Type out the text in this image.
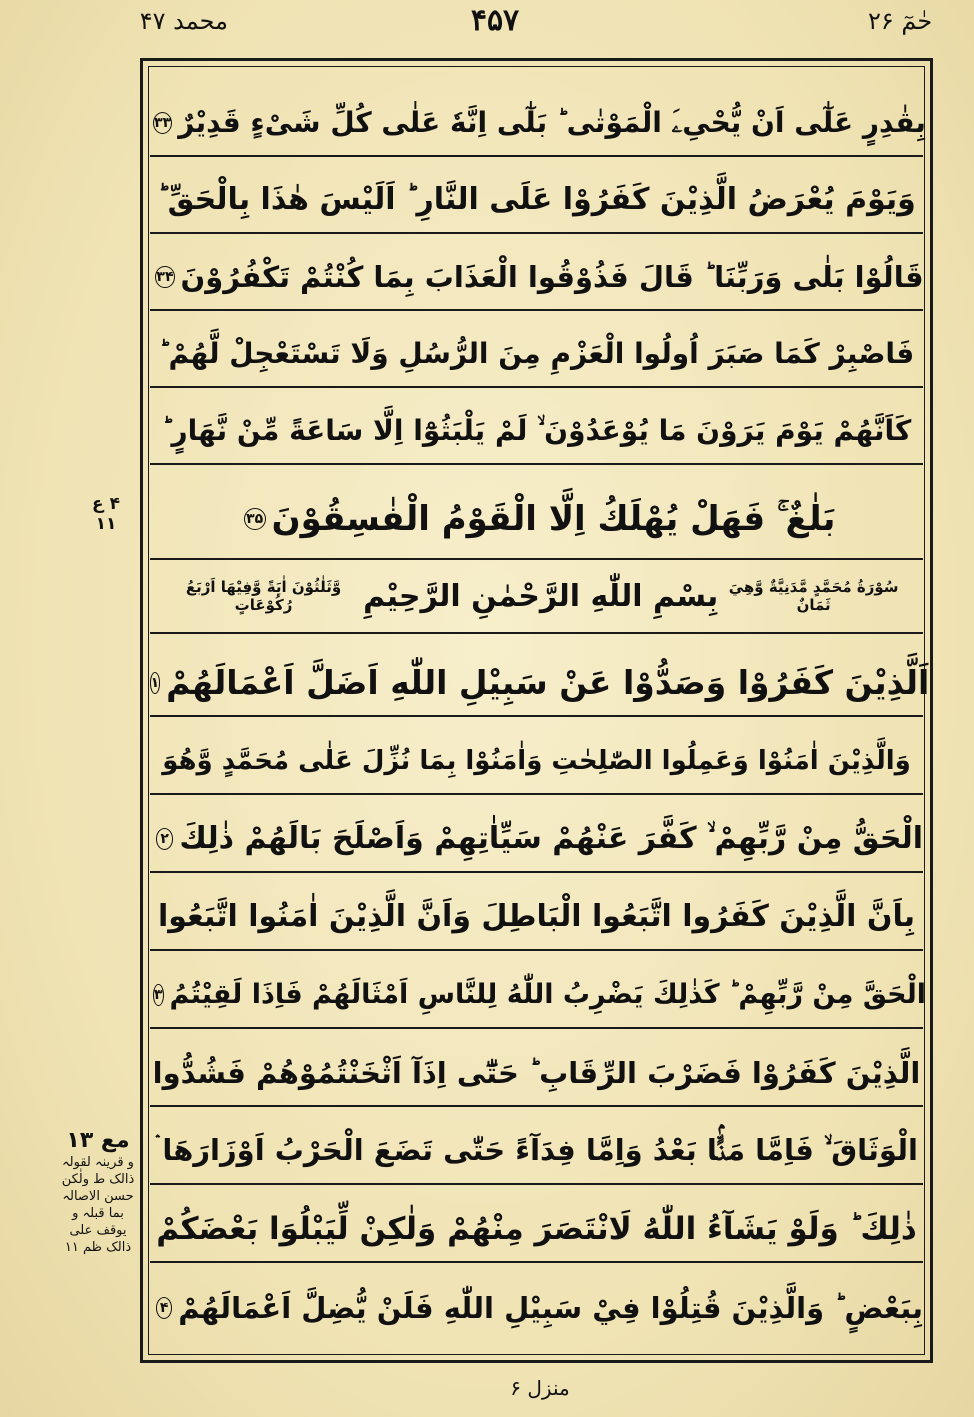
حٰمٓ ۲۶
۴۵۷
محمد ۴۷
بِقٰدِرٍ عَلٰٓى اَنْ يُّحْیِۦَ الْمَوْتٰى ؕ بَلٰٓى اِنَّهٗ عَلٰى كُلِّ شَیْءٍ قَدِيْرٌ
۳۳
وَيَوْمَ يُعْرَضُ الَّذِيْنَ كَفَرُوْا عَلَى النَّارِ ؕ اَلَيْسَ هٰذَا بِالْحَقِّ ؕ
قَالُوْا بَلٰى وَرَبِّنَا ؕ قَالَ فَذُوْقُوا الْعَذَابَ بِمَا كُنْتُمْ تَكْفُرُوْنَ
۳۴
فَاصْبِرْ كَمَا صَبَرَ اُولُوا الْعَزْمِ مِنَ الرُّسُلِ وَلَا تَسْتَعْجِلْ لَّهُمْ ؕ
كَاَنَّهُمْ يَوْمَ يَرَوْنَ مَا يُوْعَدُوْنَ ۙ لَمْ يَلْبَثُوْٓا اِلَّا سَاعَةً مِّنْ نَّهَارٍ ؕ
بَلٰغٌ ۚ فَهَلْ يُهْلَكُ اِلَّا الْقَوْمُ الْفٰسِقُوْنَ
۳۵
سُوْرَةُ مُحَمَّدٍ مَّدَنِيَّةٌ وَّهِيَ ثَمَانٌ
بِسْمِ اللّٰهِ الرَّحْمٰنِ الرَّحِيْمِ
وَّثَلٰثُوْنَ اٰيَةً وَّفِيْهَا اَرْبَعُ رُكُوْعَاتٍ
اَلَّذِيْنَ كَفَرُوْا وَصَدُّوْا عَنْ سَبِيْلِ اللّٰهِ اَضَلَّ اَعْمَالَهُمْ
۱
وَالَّذِيْنَ اٰمَنُوْا وَعَمِلُوا الصّٰلِحٰتِ وَاٰمَنُوْا بِمَا نُزِّلَ عَلٰى مُحَمَّدٍ وَّهُوَ
الْحَقُّ مِنْ رَّبِّهِمْ ۙ كَفَّرَ عَنْهُمْ سَيِّاٰتِهِمْ وَاَصْلَحَ بَالَهُمْ ذٰلِكَ
۲
بِاَنَّ الَّذِيْنَ كَفَرُوا اتَّبَعُوا الْبَاطِلَ وَاَنَّ الَّذِيْنَ اٰمَنُوا اتَّبَعُوا
الْحَقَّ مِنْ رَّبِّهِمْ ؕ كَذٰلِكَ يَضْرِبُ اللّٰهُ لِلنَّاسِ اَمْثَالَهُمْ فَاِذَا لَقِيْتُمُ
۳
الَّذِيْنَ كَفَرُوْا فَضَرْبَ الرِّقَابِ ؕ حَتّٰٓى اِذَآ اَثْخَنْتُمُوْهُمْ فَشُدُّوا
الْوَثَاقَ ۙ فَاِمَّا مَنًّۢا بَعْدُ وَاِمَّا فِدَآءً حَتّٰى تَضَعَ الْحَرْبُ اَوْزَارَهَا ۛ
ذٰلِكَ ؕ وَلَوْ يَشَآءُ اللّٰهُ لَانْتَصَرَ مِنْهُمْ وَلٰكِنْ لِّيَبْلُوَا بَعْضَكُمْ
بِبَعْضٍ ؕ وَالَّذِيْنَ قُتِلُوْا فِيْ سَبِيْلِ اللّٰهِ فَلَنْ يُّضِلَّ اَعْمَالَهُمْ
۴
۴ ع ۱۱
مع ۱۳
و قرینہ لقولہ ذالک ط ولٰکن حسن الاصالہ بما قبلہ و یوقف علی ذالک ظم ۱۱
منزل ۶
